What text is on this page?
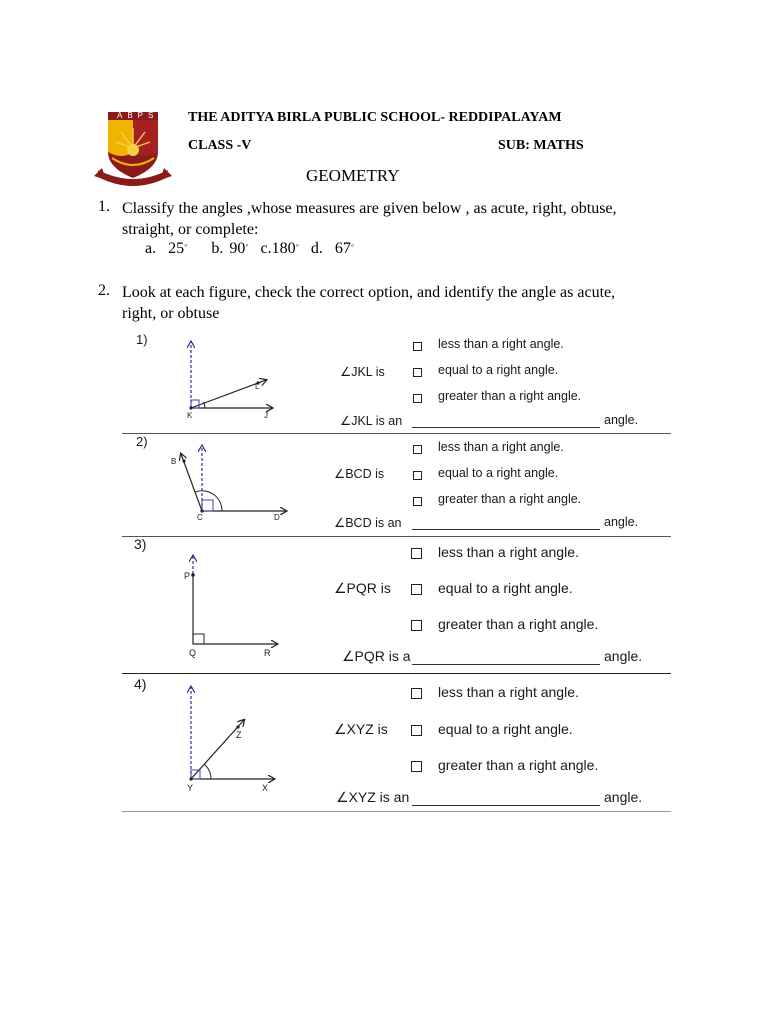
ABPS THE ADITYA BIRLA PUBLIC SCHOOL- REDDIPALAYAM
CLASS -V	SUB: MATHS
GEOMETRY
1. Classify the angles ,whose measures are given below , as acute, right, obtuse, straight, or complete:
a. 25◦ b. 90◦ c.180◦ d. 67◦
2. Look at each figure, check the correct option, and identify the angle as acute, right, or obtuse
L
K	J
B
C	D
P
Q	R
Z
Y	X
1)
∠JKL is
less than a right angle.
equal to a right angle.
greater than a right angle.
∠JKL is an	angle.
2)
∠BCD is
less than a right angle.
equal to a right angle.
greater than a right angle.
∠BCD is an	angle.
3)
∠PQR is
less than a right angle.
equal to a right angle.
greater than a right angle.
∠PQR is a	angle.
4)
∠XYZ is
less than a right angle.
equal to a right angle.
greater than a right angle.
∠XYZ is an	angle.
